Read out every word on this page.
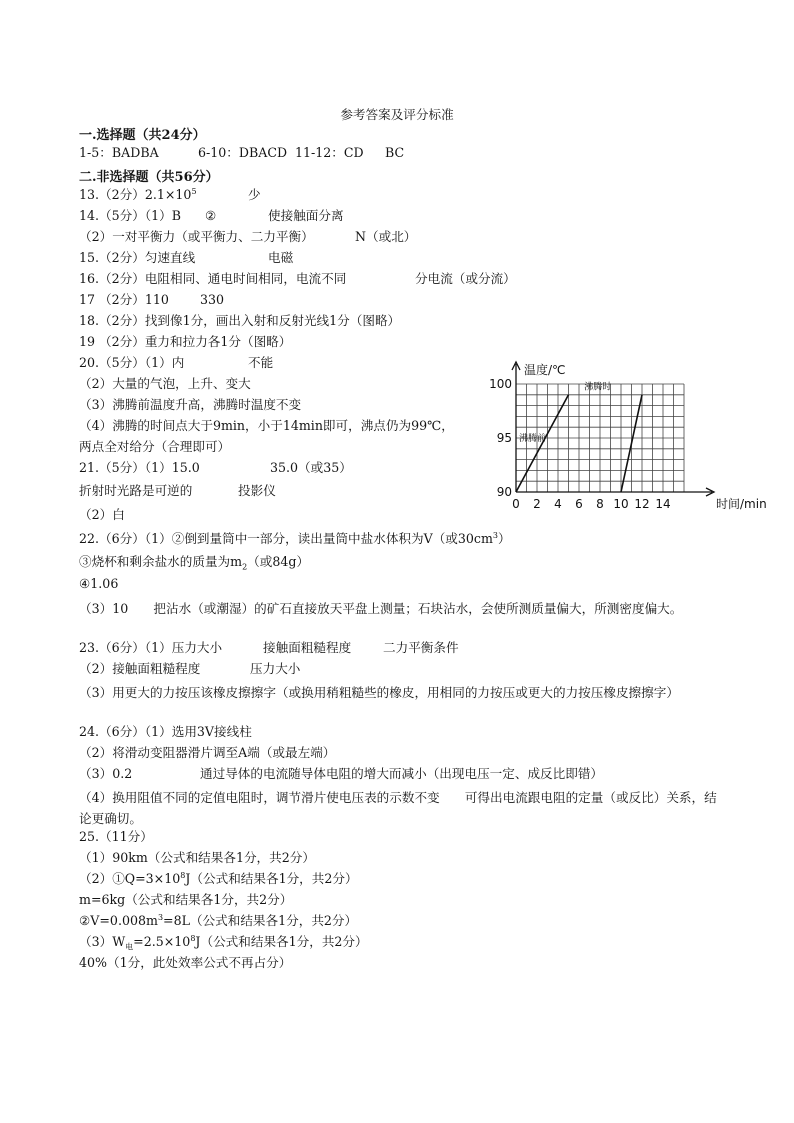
参考答案及评分标准
一.选择题（共24分）
1-5：BADBA	6-10：DBACD 11-12：CD BC
二.非选择题（共56分）
13.（2分）$2.1\times 10^5$	少
14.（5分）（1）B ②	使接触面分离
（2）一对平衡力（或平衡力、二力平衡）	N（或北）
15.（2分）匀速直线	电磁
16.（2分）电阻相同、通电时间相同，电流不同	分电流（或分流）
17 （2分）110 330
18.（2分）找到像1分，画出入射和反射光线1分（图略）
19 （2分）重力和拉力各1分（图略）
20.（5分）（1）内	不能
（2）大量的气泡，上升、变大
（3）沸腾前温度升高，沸腾时温度不变
（4）沸腾的时间点大于9min，小于14min即可，沸点仍为99℃，
两点全对给分（合理即可）
21.（5分）（1）15.0	35.0（或35）
折射时光路是可逆的	投影仪
（2）白
22.（6分）（1）②倒到量筒中一部分，读出量筒中盐水体积为V（或$30cm^3$）
③烧杯和剩余盐水的质量为$m_2$（或84g）
④1.06
（3）10　　把沾水（或潮湿）的矿石直接放天平盘上测量；石块沾水，会使所测质量偏大，所测密度偏大。
23.（6分）（1）压力大小	接触面粗糙程度	二力平衡条件
（2）接触面粗糙程度	压力大小
（3）用更大的力按压该橡皮擦擦字（或换用稍粗糙些的橡皮，用相同的力按压或更大的力按压橡皮擦擦字）
24.（6分）（1）选用3V接线柱
（2）将滑动变阻器滑片调至A端（或最左端）
（3）0.2	通过导体的电流随导体电阻的增大而减小（出现电压一定、成反比即错）
（4）换用阻值不同的定值电阻时，调节滑片使电压表的示数不变　　可得出电流跟电阻的定量（或反比）关系，结论更确切。
25.（11分）
（1）90km（公式和结果各1分，共2分）
$(2)①Q=3\times 10^8J$（公式和结果各1分，共2分）
m=6kg（公式和结果各1分，共2分）
$②V=0.008m^3=8L$（公式和结果各1分，共2分）
$(3)W_电=2.5\times 10^8J$（公式和结果各1分，共2分）
40%（1分，此处效率公式不再占分）
温度/℃
时间/min
0 2 4 6 8 10 12 14
90
95
100
沸腾前
沸腾时
